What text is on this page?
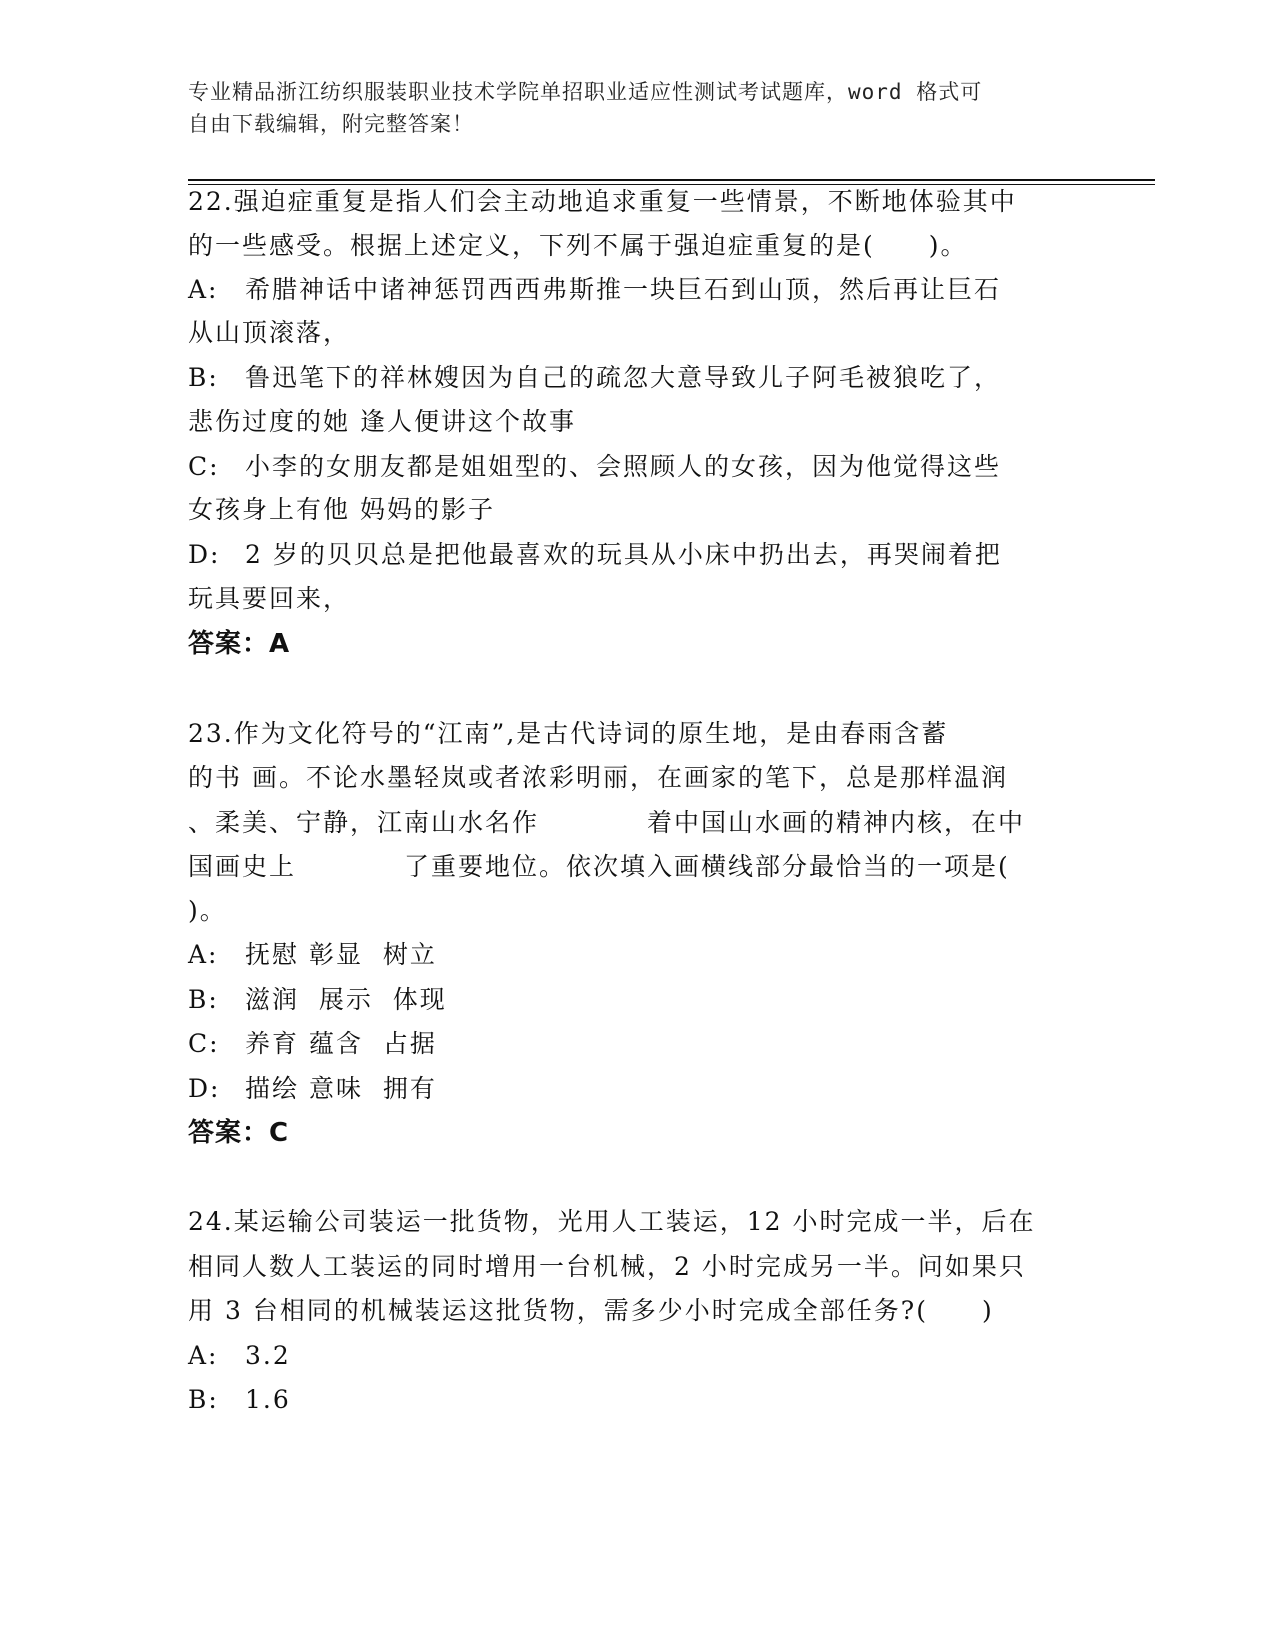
专业精品浙江纺织服装职业技术学院单招职业适应性测试考试题库，word 格式可
自由下载编辑，附完整答案！
22.强迫症重复是指人们会主动地追求重复一些情景，不断地体验其中
的一些感受。根据上述定义，下列不属于强迫症重复的是(　　)。
A: 希腊神话中诸神惩罚西西弗斯推一块巨石到山顶，然后再让巨石
从山顶滚落，
B: 鲁迅笔下的祥林嫂因为自己的疏忽大意导致儿子阿毛被狼吃了，
悲伤过度的她 逢人便讲这个故事
C: 小李的女朋友都是姐姐型的、会照顾人的女孩，因为他觉得这些
女孩身上有他 妈妈的影子
D: 2 岁的贝贝总是把他最喜欢的玩具从小床中扔出去，再哭闹着把
玩具要回来，
答案：A
23.作为文化符号的“江南”,是古代诗词的原生地，是由春雨含蓄
的书 画。不论水墨轻岚或者浓彩明丽，在画家的笔下，总是那样温润
、柔美、宁静，江南山水名作　　　　着中国山水画的精神内核，在中
国画史上　　　　了重要地位。依次填入画横线部分最恰当的一项是(
)。
A: 抚慰 彰显  树立
B: 滋润  展示  体现
C: 养育 蕴含  占据
D: 描绘 意味  拥有
答案：C
24.某运输公司装运一批货物，光用人工装运，12 小时完成一半，后在
相同人数人工装运的同时增用一台机械，2 小时完成另一半。问如果只
用 3 台相同的机械装运这批货物，需多少小时完成全部任务?(　　)
A: 3.2
B: 1.6
